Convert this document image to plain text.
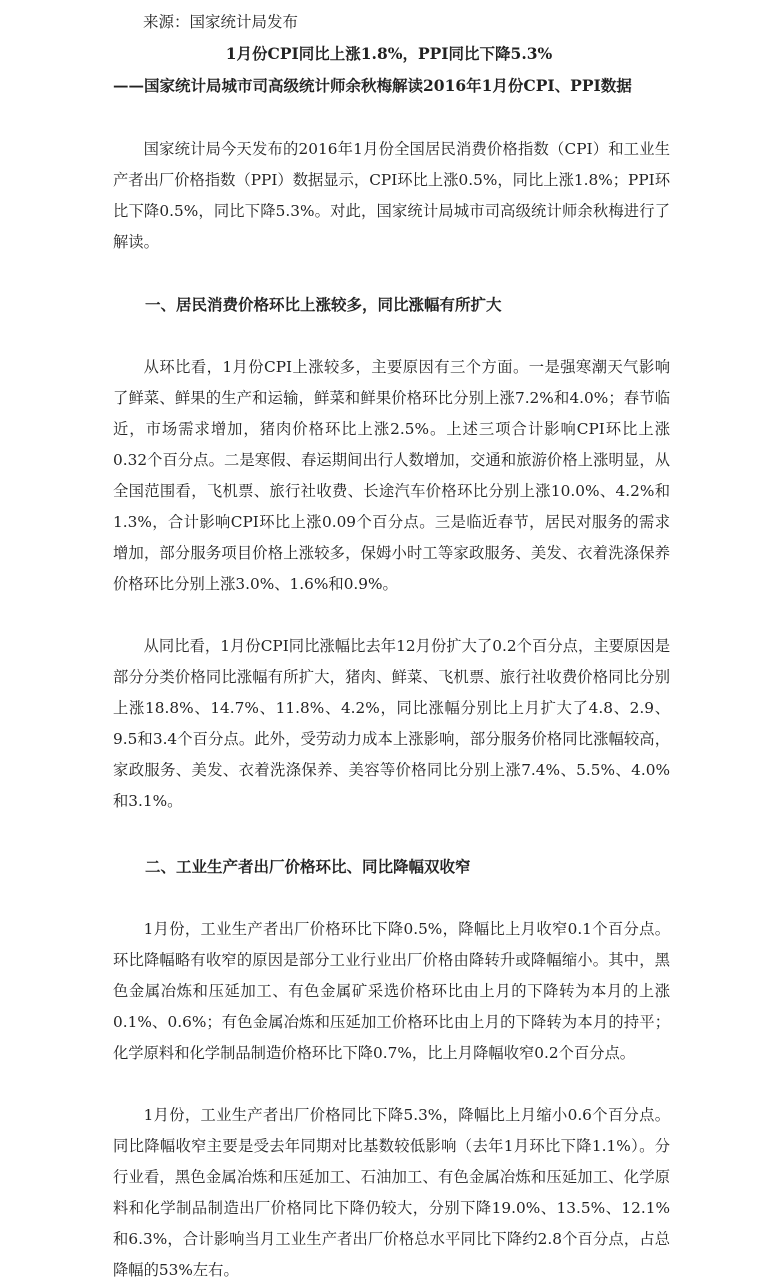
来源：国家统计局发布
1月份CPI同比上涨1.8%，PPI同比下降5.3%
——国家统计局城市司高级统计师余秋梅解读2016年1月份CPI、PPI数据

国家统计局今天发布的2016年1月份全国居民消费价格指数（CPI）和工业生产者出厂价格指数（PPI）数据显示，CPI环比上涨0.5%，同比上涨1.8%；PPI环比下降0.5%，同比下降5.3%。对此，国家统计局城市司高级统计师余秋梅进行了解读。

一、居民消费价格环比上涨较多，同比涨幅有所扩大

从环比看，1月份CPI上涨较多，主要原因有三个方面。一是强寒潮天气影响了鲜菜、鲜果的生产和运输，鲜菜和鲜果价格环比分别上涨7.2%和4.0%；春节临近，市场需求增加，猪肉价格环比上涨2.5%。上述三项合计影响CPI环比上涨0.32个百分点。二是寒假、春运期间出行人数增加，交通和旅游价格上涨明显，从全国范围看，飞机票、旅行社收费、长途汽车价格环比分别上涨10.0%、4.2%和1.3%，合计影响CPI环比上涨0.09个百分点。三是临近春节，居民对服务的需求增加，部分服务项目价格上涨较多，保姆小时工等家政服务、美发、衣着洗涤保养价格环比分别上涨3.0%、1.6%和0.9%。

从同比看，1月份CPI同比涨幅比去年12月份扩大了0.2个百分点，主要原因是部分分类价格同比涨幅有所扩大，猪肉、鲜菜、飞机票、旅行社收费价格同比分别上涨18.8%、14.7%、11.8%、4.2%，同比涨幅分别比上月扩大了4.8、2.9、9.5和3.4个百分点。此外，受劳动力成本上涨影响，部分服务价格同比涨幅较高，家政服务、美发、衣着洗涤保养、美容等价格同比分别上涨7.4%、5.5%、4.0%和3.1%。

二、工业生产者出厂价格环比、同比降幅双收窄

1月份，工业生产者出厂价格环比下降0.5%，降幅比上月收窄0.1个百分点。环比降幅略有收窄的原因是部分工业行业出厂价格由降转升或降幅缩小。其中，黑色金属冶炼和压延加工、有色金属矿采选价格环比由上月的下降转为本月的上涨0.1%、0.6%；有色金属冶炼和压延加工价格环比由上月的下降转为本月的持平；化学原料和化学制品制造价格环比下降0.7%，比上月降幅收窄0.2个百分点。

1月份，工业生产者出厂价格同比下降5.3%，降幅比上月缩小0.6个百分点。同比降幅收窄主要是受去年同期对比基数较低影响（去年1月环比下降1.1%）。分行业看，黑色金属冶炼和压延加工、石油加工、有色金属冶炼和压延加工、化学原料和化学制品制造出厂价格同比下降仍较大，分别下降19.0%、13.5%、12.1%和6.3%，合计影响当月工业生产者出厂价格总水平同比下降约2.8个百分点，占总降幅的53%左右。
